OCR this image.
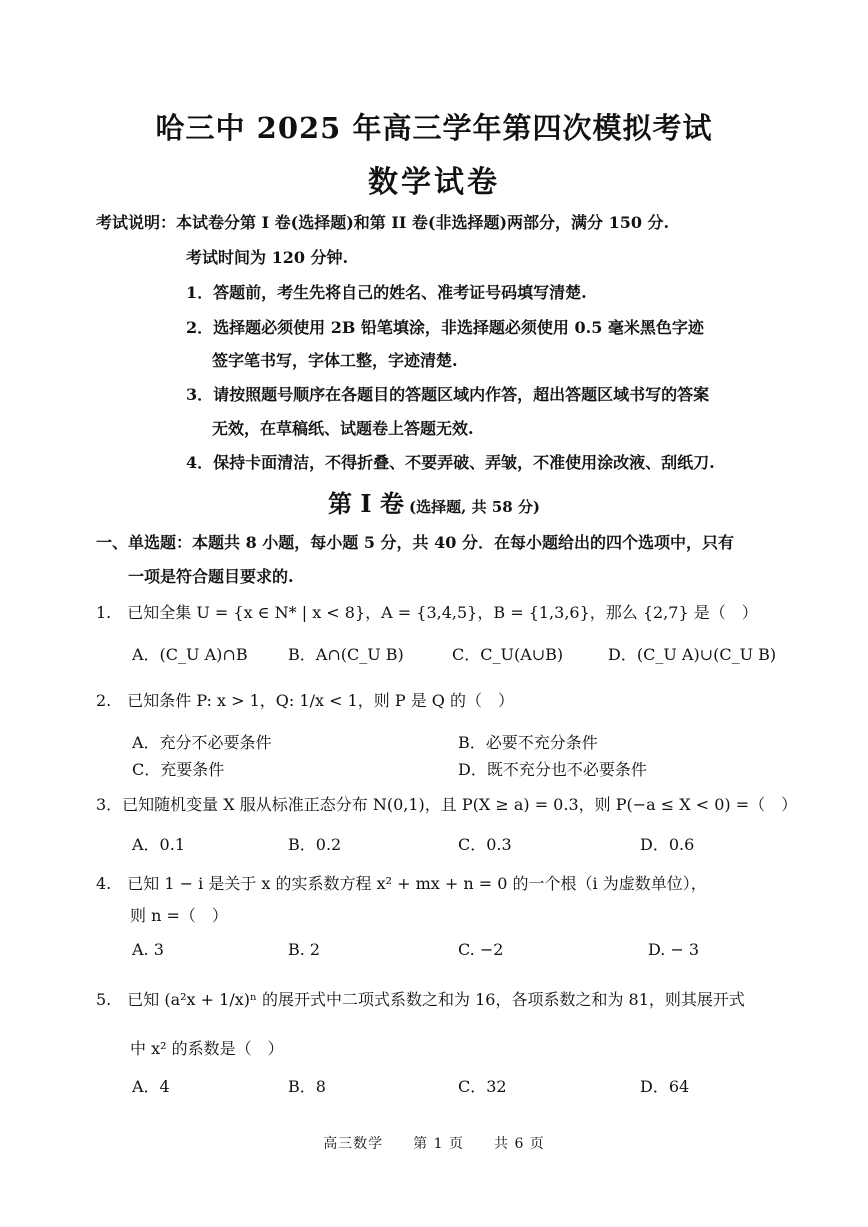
哈三中 2025 年高三学年第四次模拟考试
数学试卷
考试说明：本试卷分第 I 卷(选择题)和第 II 卷(非选择题)两部分，满分 150 分.
考试时间为 120 分钟.
1．答题前，考生先将自己的姓名、准考证号码填写清楚.
2．选择题必须使用 2B 铅笔填涂，非选择题必须使用 0.5 毫米黑色字迹
签字笔书写，字体工整，字迹清楚.
3．请按照题号顺序在各题目的答题区域内作答，超出答题区域书写的答案
无效，在草稿纸、试题卷上答题无效.
4．保持卡面清洁，不得折叠、不要弄破、弄皱，不准使用涂改液、刮纸刀.
第 I 卷 (选择题, 共 58 分)
一、单选题：本题共 8 小题，每小题 5 分，共 40 分．在每小题给出的四个选项中，只有
一项是符合题目要求的.
1.　已知全集 U = {x ∈ N* | x < 8}，A = {3,4,5}，B = {1,3,6}，那么 {2,7} 是（　）
A．(C_U A)∩B	B．A∩(C_U B)	C．C_U(A∪B)	D．(C_U A)∪(C_U B)
2.　已知条件 P: x > 1，Q: 1/x < 1，则 P 是 Q 的（　）
A．充分不必要条件	B．必要不充分条件
C．充要条件	D．既不充分也不必要条件
3．已知随机变量 X 服从标准正态分布 N(0,1)，且 P(X ≥ a) = 0.3，则 P(−a ≤ X < 0) =（　）
A．0.1	B．0.2	C．0.3	D．0.6
4.　已知 1 − i 是关于 x 的实系数方程 x² + mx + n = 0 的一个根（i 为虚数单位），
则 n =（　）
A. 3	B. 2	C. −2	D. − 3
5.　已知 (a²x + 1/x)ⁿ 的展开式中二项式系数之和为 16，各项系数之和为 81，则其展开式
中 x² 的系数是（　）
A．4	B．8	C．32	D．64
高三数学　　第 1 页　　共 6 页
